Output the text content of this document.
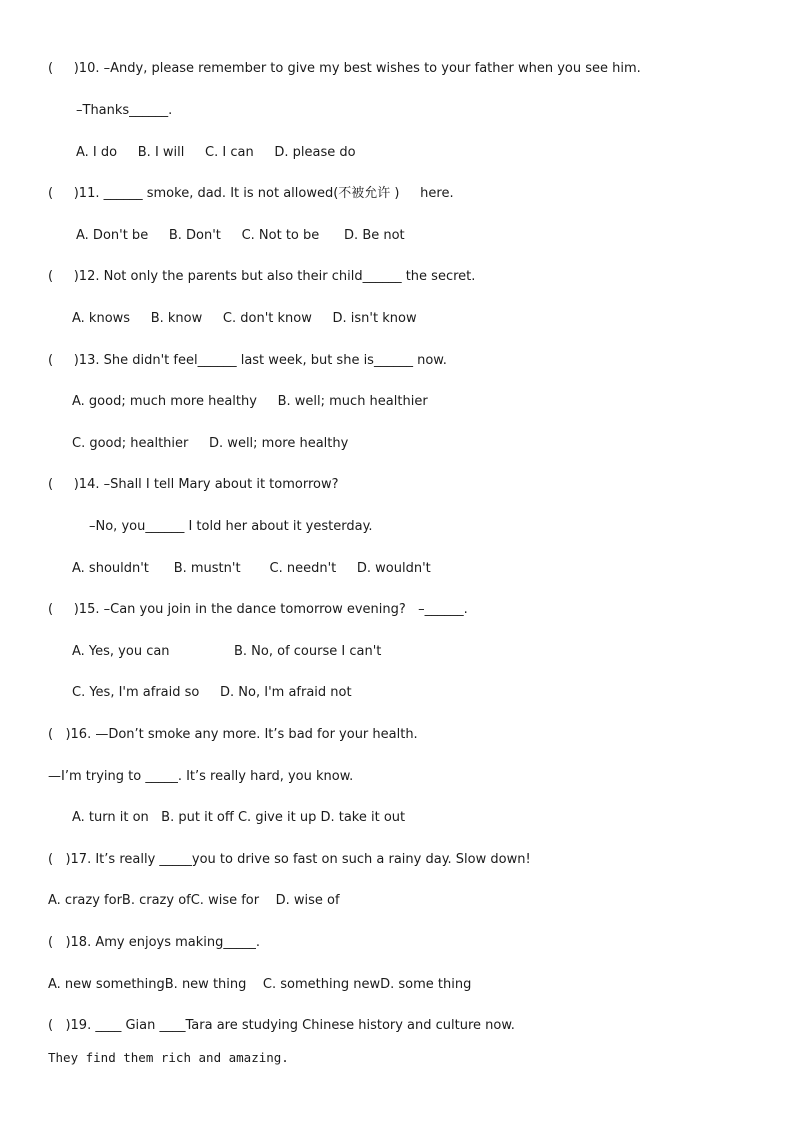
(     )10. –Andy, please remember to give my best wishes to your father when you see him.
–Thanks______.
A. I do     B. I will     C. I can     D. please do
(     )11. ______ smoke, dad. It is not allowed(不被允许 )     here.
A. Don't be     B. Don't     C. Not to be      D. Be not
(     )12. Not only the parents but also their child______ the secret.
A. knows     B. know     C. don't know     D. isn't know
(     )13. She didn't feel______ last week, but she is______ now.
A. good; much more healthy     B. well; much healthier
C. good; healthier     D. well; more healthy
(     )14. –Shall I tell Mary about it tomorrow?
–No, you______ I told her about it yesterday.
A. shouldn't      B. mustn't       C. needn't     D. wouldn't
(     )15. –Can you join in the dance tomorrow evening?   –______.
A. Yes, you can	B. No, of course I can't
C. Yes, I'm afraid so     D. No, I'm afraid not
(   )16. —Don’t smoke any more. It’s bad for your health.
—I’m trying to _____. It’s really hard, you know.
A. turn it on   B. put it off C. give it up D. take it out
(   )17. It’s really _____you to drive so fast on such a rainy day. Slow down!
A. crazy forB. crazy ofC. wise for    D. wise of
(   )18. Amy enjoys making_____.
A. new somethingB. new thing    C. something newD. some thing
(   )19. ____ Gian ____Tara are studying Chinese history and culture now.
They find them rich and amazing.
